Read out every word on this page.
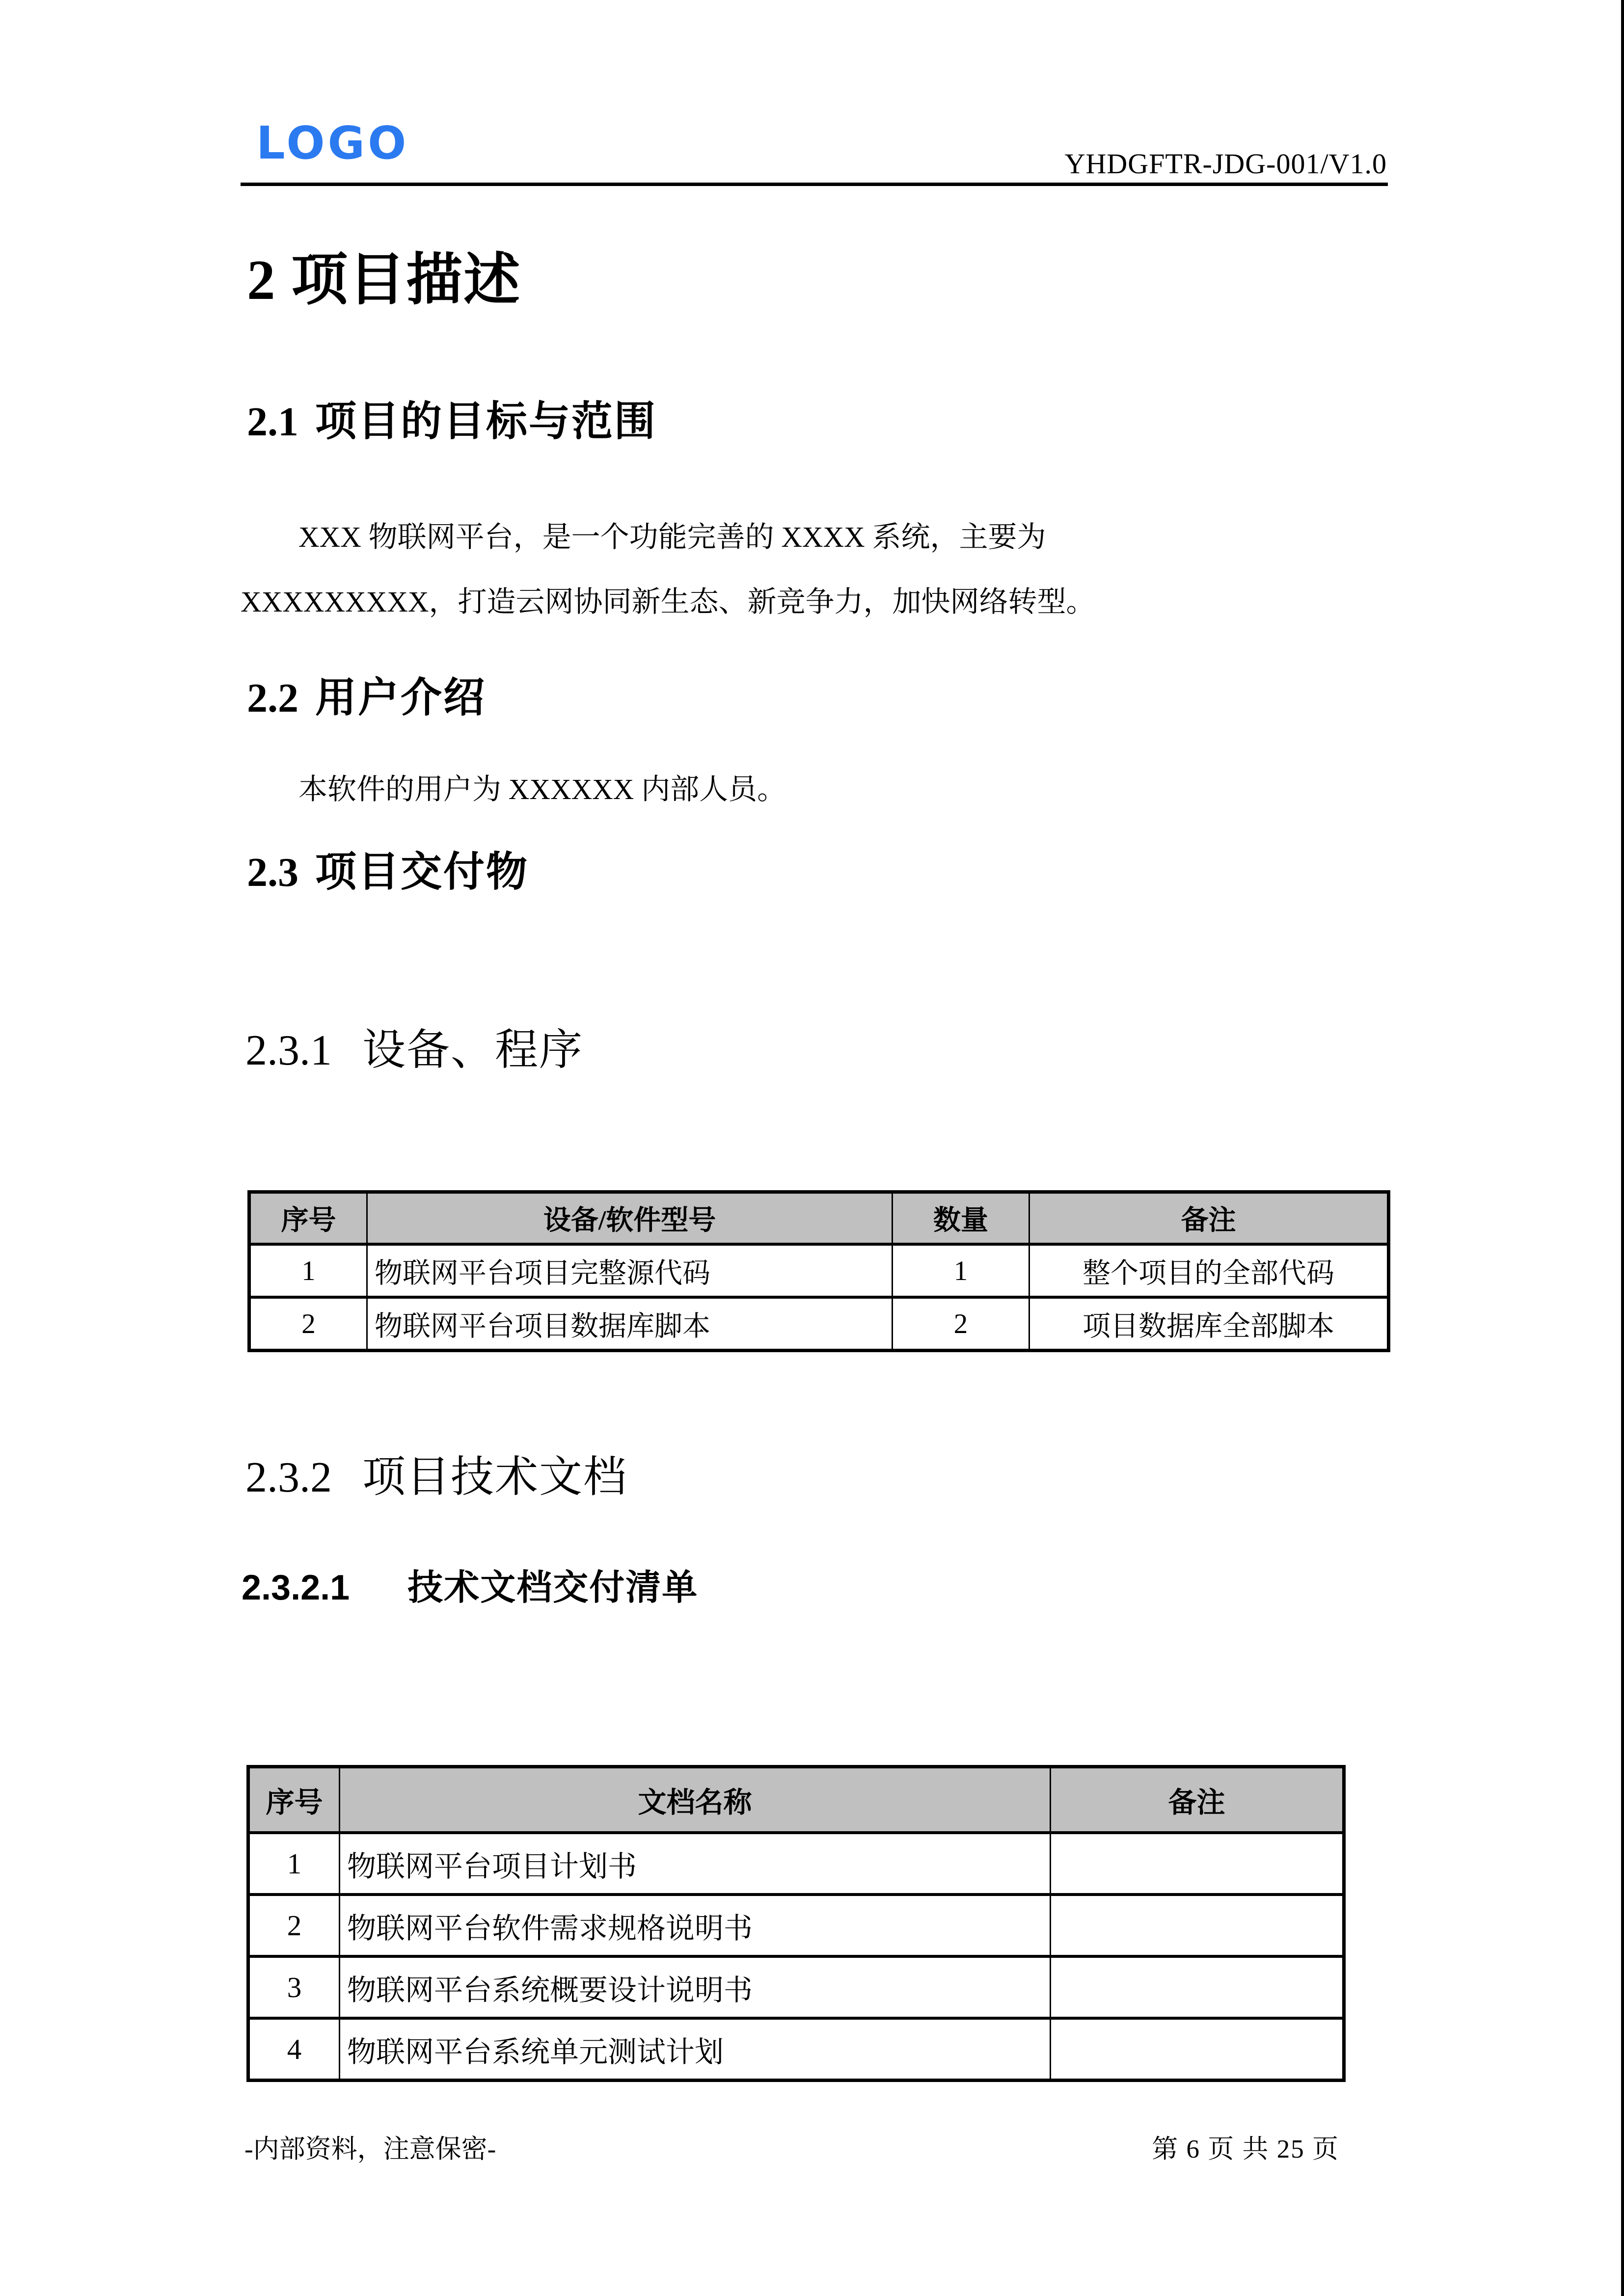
LOGO	YHDGFTR-JDG-001/V1.0
2 项目描述
2.1 项目的目标与范围
XXX 物联网平台，是一个功能完善的 XXXX 系统，主要为
XXXXXXXXX，打造云网协同新生态、新竞争力，加快网络转型。
2.2 用户介绍
本软件的用户为 XXXXXX 内部人员。
2.3 项目交付物
2.3.1 设备、程序
序号	设备/软件型号	数量	备注
1	物联网平台项目完整源代码	1	整个项目的全部代码
2	物联网平台项目数据库脚本	2	项目数据库全部脚本
2.3.2 项目技术文档
2.3.2.1 技术文档交付清单
序号	文档名称	备注
1	物联网平台项目计划书	
2	物联网平台软件需求规格说明书	
3	物联网平台系统概要设计说明书	
4	物联网平台系统单元测试计划	
-内部资料，注意保密-	第 6 页 共 25 页
